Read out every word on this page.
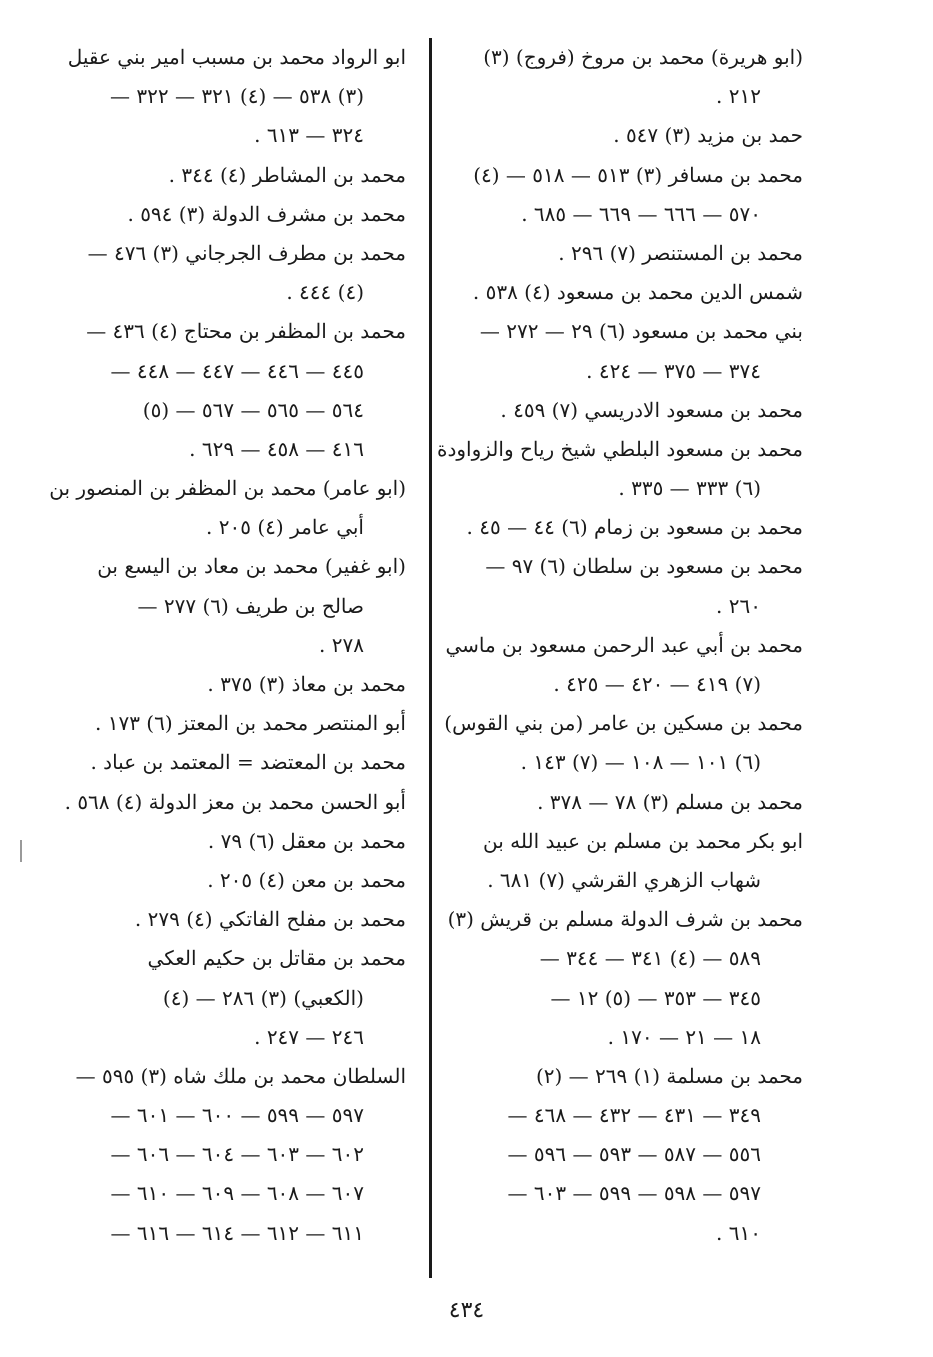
(ابو هريرة) محمد بن مروخ (فروج) (٣)
٢١٢ .
حمد بن مزيد (٣) ٥٤٧ .
محمد بن مسافر (٣) ٥١٣ — ٥١٨ — (٤)
٥٧٠ — ٦٦٦ — ٦٦٩ — ٦٨٥ .
محمد بن المستنصر (٧) ٢٩٦ .
شمس الدين محمد بن مسعود (٤) ٥٣٨ .
بني محمد بن مسعود (٦) ٢٩ — ٢٧٢ —
٣٧٤ — ٣٧٥ — ٤٢٤ .
محمد بن مسعود الادريسي (٧) ٤٥٩ .
محمد بن مسعود البلطي شيخ رياح والزواودة
(٦) ٣٣٣ — ٣٣٥ .
محمد بن مسعود بن زمام (٦) ٤٤ — ٤٥ .
محمد بن مسعود بن سلطان (٦) ٩٧ —
٢٦٠ .
محمد بن أبي عبد الرحمن مسعود بن ماسي
(٧) ٤١٩ — ٤٢٠ — ٤٢٥ .
محمد بن مسكين بن عامر (من بني القوس)
(٦) ١٠١ — ١٠٨ — (٧) ١٤٣ .
محمد بن مسلم (٣) ٧٨ — ٣٧٨ .
ابو بكر محمد بن مسلم بن عبيد الله بن
شهاب الزهري القرشي (٧) ٦٨١ .
محمد بن شرف الدولة مسلم بن قريش (٣)
٥٨٩ — (٤) ٣٤١ — ٣٤٤ —
٣٤٥ — ٣٥٣ — (٥) ١٢ —
١٨ — ٢١ — ١٧٠ .
محمد بن مسلمة (١) ٢٦٩ — (٢)
٣٤٩ — ٤٣١ — ٤٣٢ — ٤٦٨ —
٥٥٦ — ٥٨٧ — ٥٩٣ — ٥٩٦ —
٥٩٧ — ٥٩٨ — ٥٩٩ — ٦٠٣ —
٦١٠ .
ابو الرواد محمد بن مسبب امير بني عقيل
(٣) ٥٣٨ — (٤) ٣٢١ — ٣٢٢ —
٣٢٤ — ٦١٣ .
محمد بن المشاطر (٤) ٣٤٤ .
محمد بن مشرف الدولة (٣) ٥٩٤ .
محمد بن مطرف الجرجاني (٣) ٤٧٦ —
(٤) ٤٤٤ .
محمد بن المظفر بن محتاج (٤) ٤٣٦ —
٤٤٥ — ٤٤٦ — ٤٤٧ — ٤٤٨ —
٥٦٤ — ٥٦٥ — ٥٦٧ — (٥)
٤١٦ — ٤٥٨ — ٦٢٩ .
(ابو عامر) محمد بن المظفر بن المنصور بن
أبي عامر (٤) ٢٠٥ .
(ابو غفير) محمد بن معاد بن اليسع بن
صالح بن طريف (٦) ٢٧٧ —
٢٧٨ .
محمد بن معاذ (٣) ٣٧٥ .
أبو المنتصر محمد بن المعتز (٦) ١٧٣ .
محمد بن المعتضد = المعتمد بن عباد .
أبو الحسن محمد بن معز الدولة (٤) ٥٦٨ .
محمد بن معقل (٦) ٧٩ .
محمد بن معن (٤) ٢٠٥ .
محمد بن مفلح الفاتكي (٤) ٢٧٩ .
محمد بن مقاتل بن حكيم العكي
(الكعبي) (٣) ٢٨٦ — (٤)
٢٤٦ — ٢٤٧ .
السلطان محمد بن ملك شاه (٣) ٥٩٥ —
٥٩٧ — ٥٩٩ — ٦٠٠ — ٦٠١ —
٦٠٢ — ٦٠٣ — ٦٠٤ — ٦٠٦ —
٦٠٧ — ٦٠٨ — ٦٠٩ — ٦١٠ —
٦١١ — ٦١٢ — ٦١٤ — ٦١٦ —
٤٣٤
